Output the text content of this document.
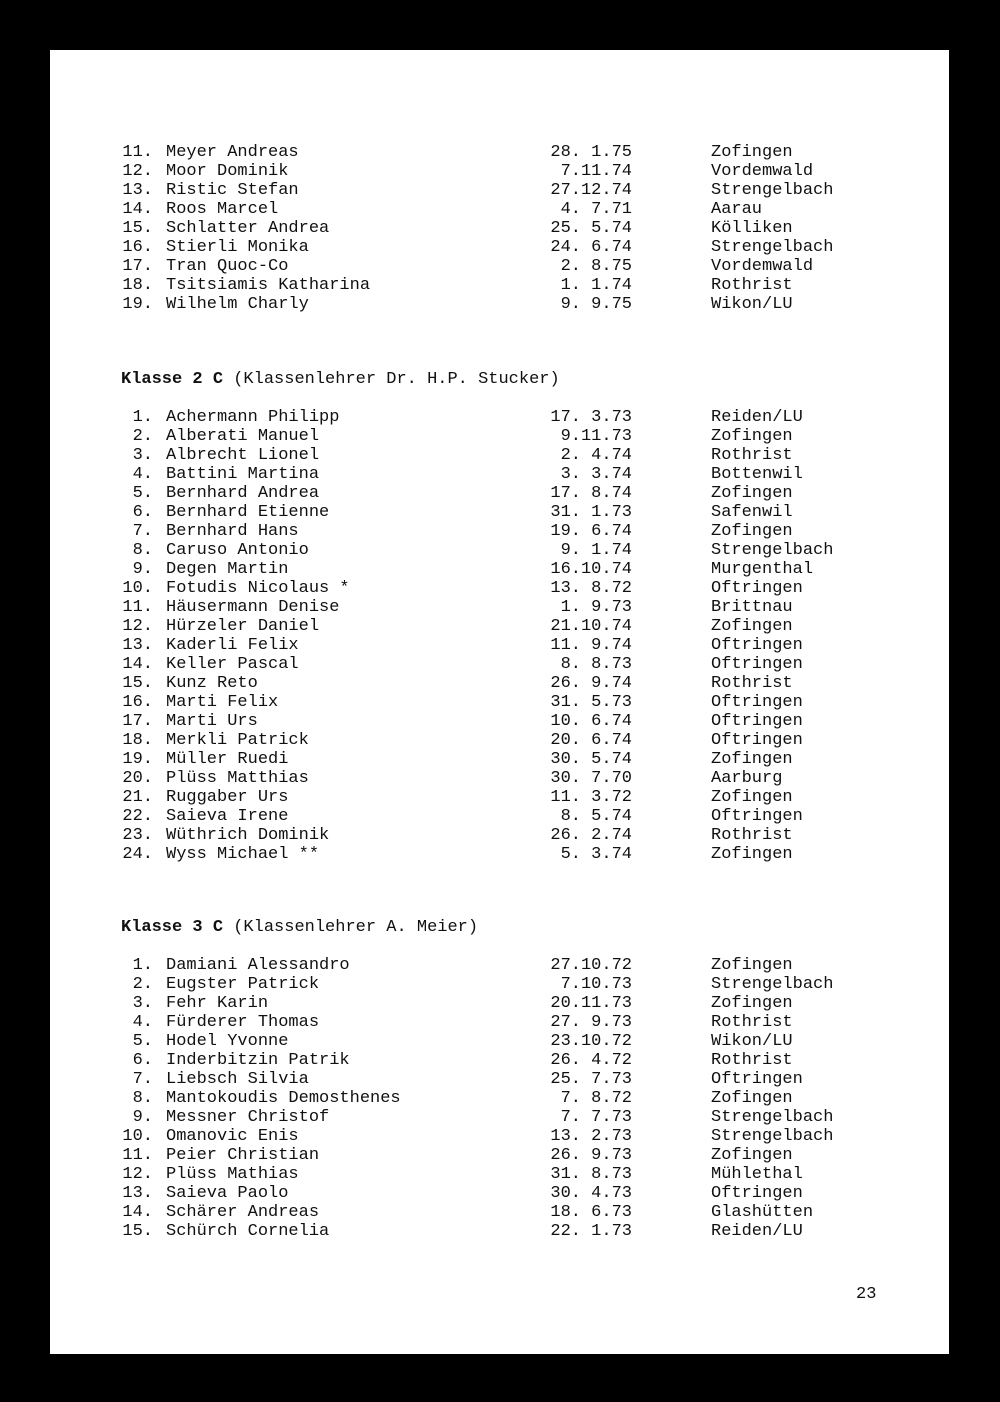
11. Meyer Andreas	28. 1.75	Zofingen
12. Moor Dominik	7.11.74	Vordemwald
13. Ristic Stefan	27.12.74	Strengelbach
14. Roos Marcel	4. 7.71	Aarau
15. Schlatter Andrea	25. 5.74	Kölliken
16. Stierli Monika	24. 6.74	Strengelbach
17. Tran Quoc-Co	2. 8.75	Vordemwald
18. Tsitsiamis Katharina	1. 1.74	Rothrist
19. Wilhelm Charly	9. 9.75	Wikon/LU
Klasse 2 C (Klassenlehrer Dr. H.P. Stucker)
1. Achermann Philipp	17. 3.73	Reiden/LU
2. Alberati Manuel	9.11.73	Zofingen
3. Albrecht Lionel	2. 4.74	Rothrist
4. Battini Martina	3. 3.74	Bottenwil
5. Bernhard Andrea	17. 8.74	Zofingen
6. Bernhard Etienne	31. 1.73	Safenwil
7. Bernhard Hans	19. 6.74	Zofingen
8. Caruso Antonio	9. 1.74	Strengelbach
9. Degen Martin	16.10.74	Murgenthal
10. Fotudis Nicolaus *	13. 8.72	Oftringen
11. Häusermann Denise	1. 9.73	Brittnau
12. Hürzeler Daniel	21.10.74	Zofingen
13. Kaderli Felix	11. 9.74	Oftringen
14. Keller Pascal	8. 8.73	Oftringen
15. Kunz Reto	26. 9.74	Rothrist
16. Marti Felix	31. 5.73	Oftringen
17. Marti Urs	10. 6.74	Oftringen
18. Merkli Patrick	20. 6.74	Oftringen
19. Müller Ruedi	30. 5.74	Zofingen
20. Plüss Matthias	30. 7.70	Aarburg
21. Ruggaber Urs	11. 3.72	Zofingen
22. Saieva Irene	8. 5.74	Oftringen
23. Wüthrich Dominik	26. 2.74	Rothrist
24. Wyss Michael **	5. 3.74	Zofingen
Klasse 3 C (Klassenlehrer A. Meier)
1. Damiani Alessandro	27.10.72	Zofingen
2. Eugster Patrick	7.10.73	Strengelbach
3. Fehr Karin	20.11.73	Zofingen
4. Fürderer Thomas	27. 9.73	Rothrist
5. Hodel Yvonne	23.10.72	Wikon/LU
6. Inderbitzin Patrik	26. 4.72	Rothrist
7. Liebsch Silvia	25. 7.73	Oftringen
8. Mantokoudis Demosthenes	7. 8.72	Zofingen
9. Messner Christof	7. 7.73	Strengelbach
10. Omanovic Enis	13. 2.73	Strengelbach
11. Peier Christian	26. 9.73	Zofingen
12. Plüss Mathias	31. 8.73	Mühlethal
13. Saieva Paolo	30. 4.73	Oftringen
14. Schärer Andreas	18. 6.73	Glashütten
15. Schürch Cornelia	22. 1.73	Reiden/LU
23
